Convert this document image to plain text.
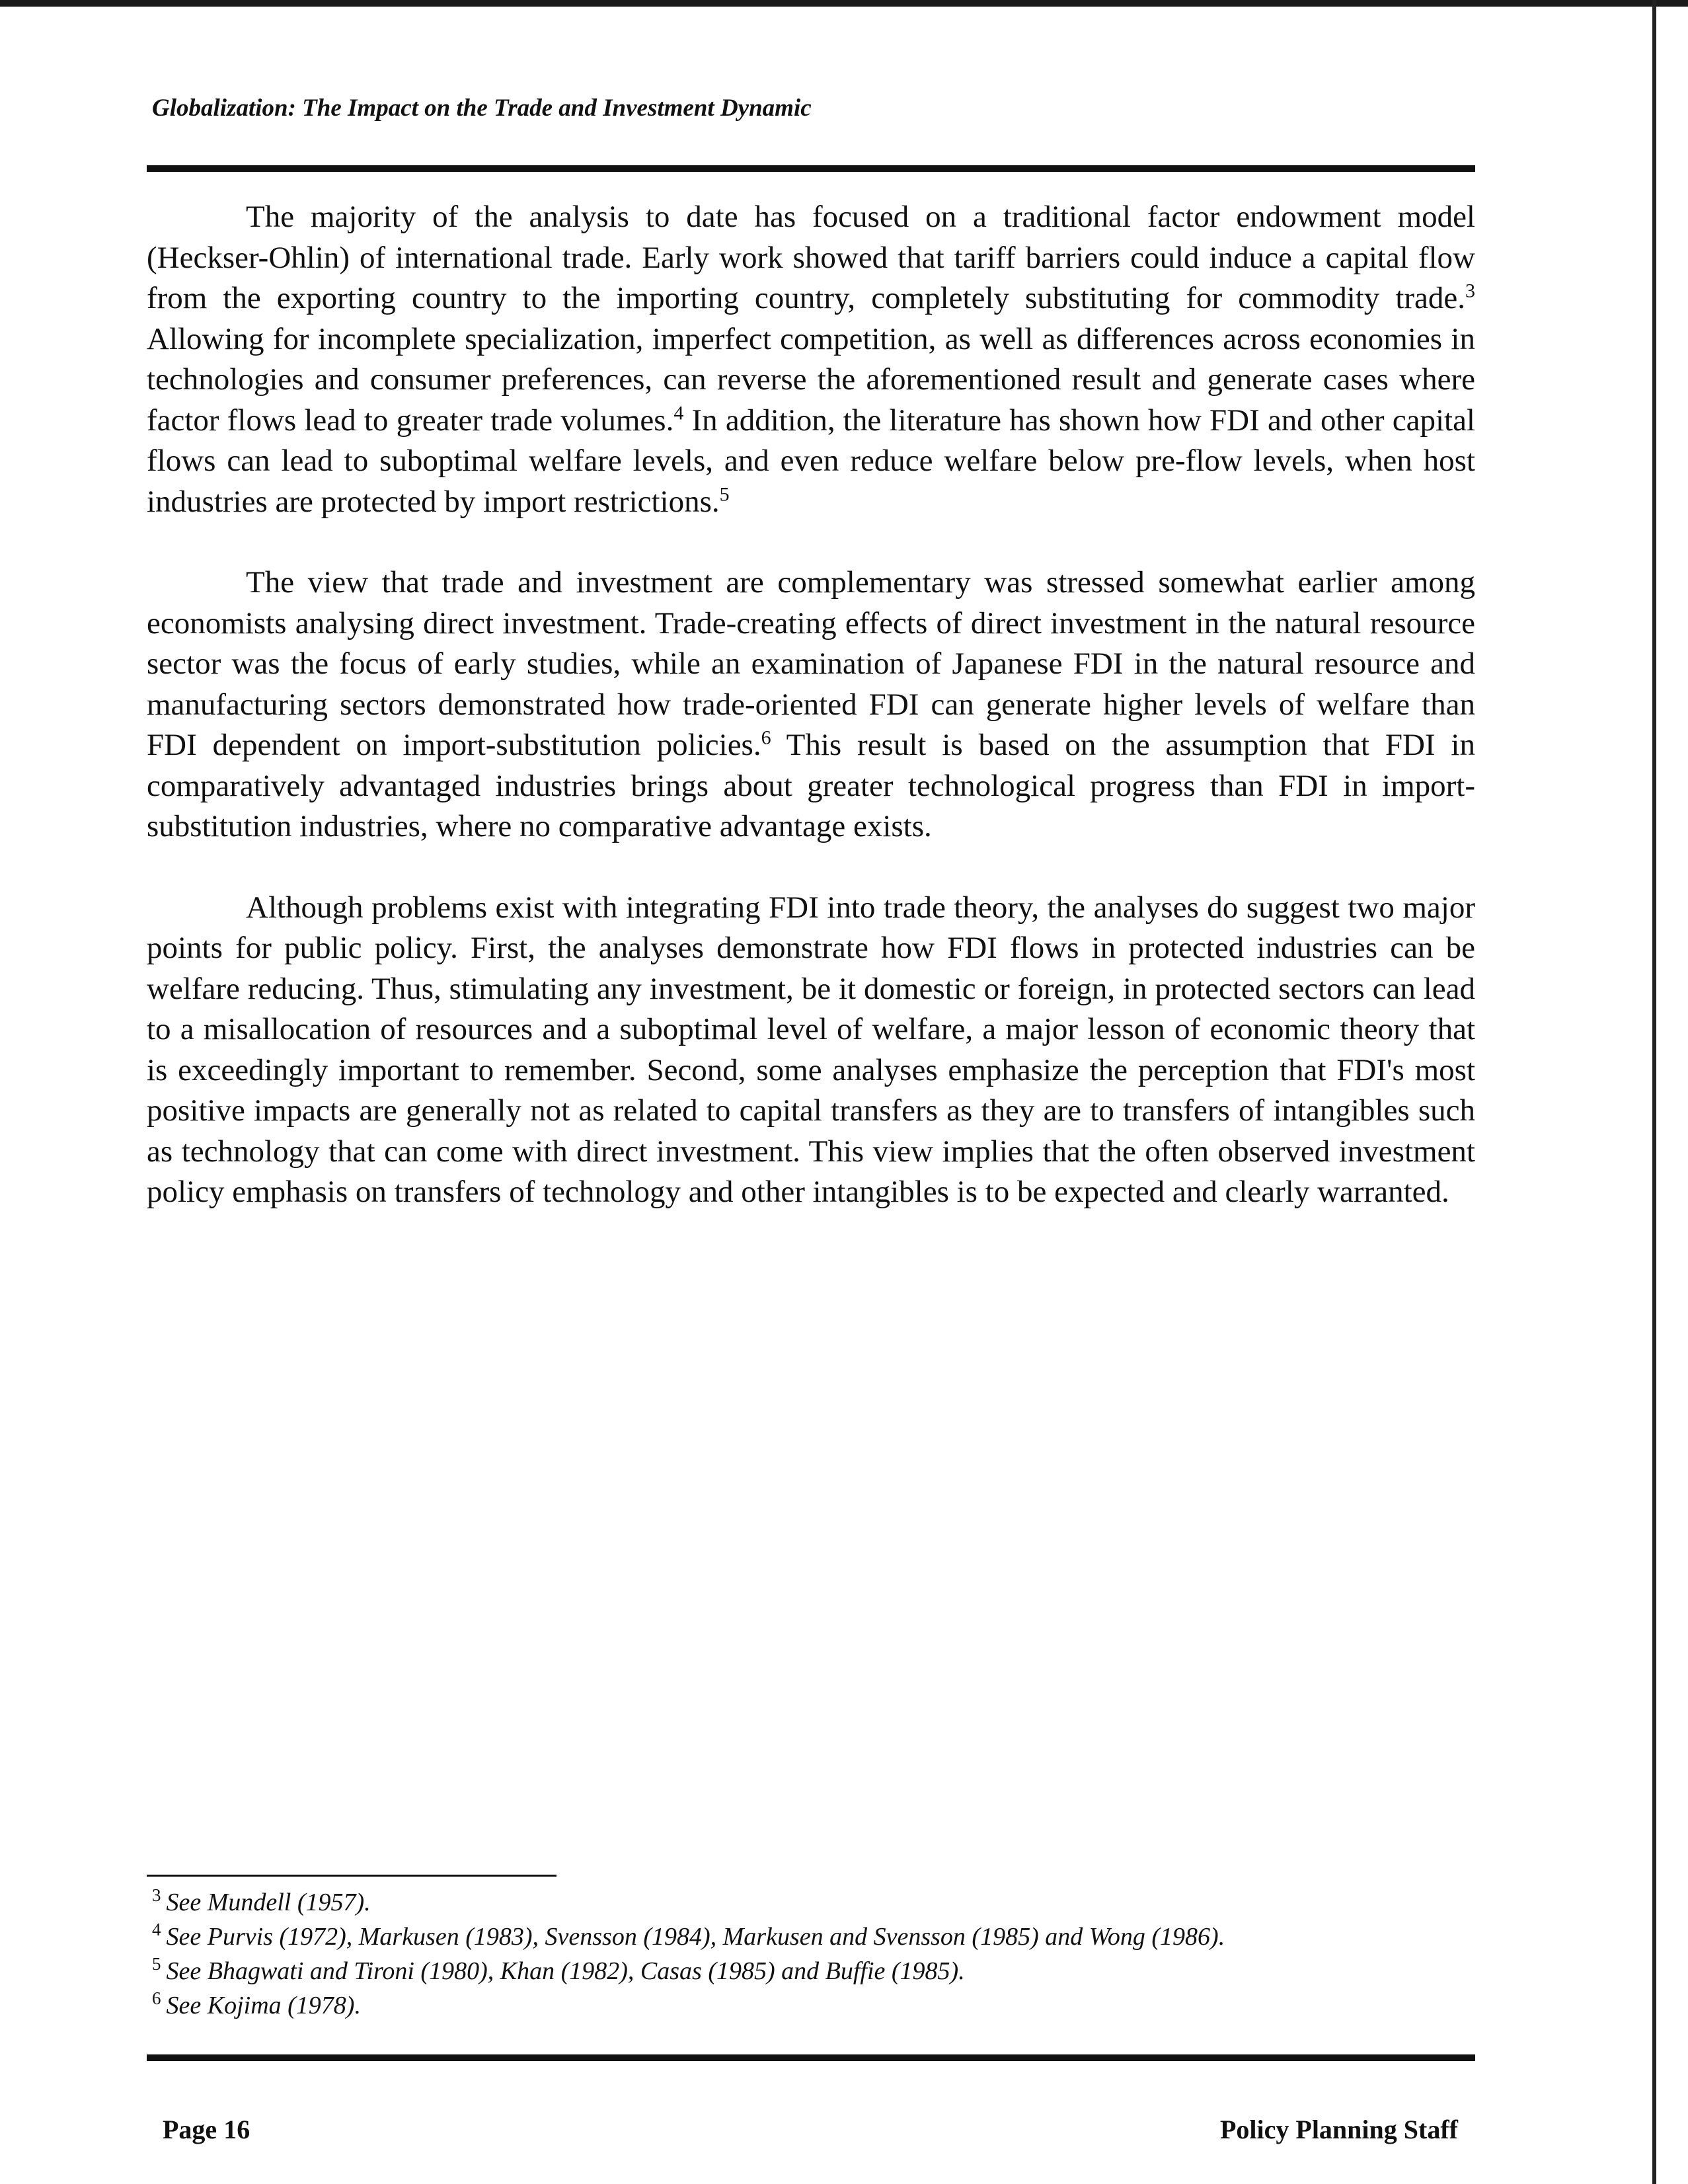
Globalization: The Impact on the Trade and Investment Dynamic

The majority of the analysis to date has focused on a traditional factor endowment model (Heckser-Ohlin) of international trade. Early work showed that tariff barriers could induce a capital flow from the exporting country to the importing country, completely substituting for commodity trade.$^3$ Allowing for incomplete specialization, imperfect competition, as well as differences across economies in technologies and consumer preferences, can reverse the aforementioned result and generate cases where factor flows lead to greater trade volumes.$^4$ In addition, the literature has shown how FDI and other capital flows can lead to suboptimal welfare levels, and even reduce welfare below pre-flow levels, when host industries are protected by import restrictions.$^5$

The view that trade and investment are complementary was stressed somewhat earlier among economists analysing direct investment. Trade-creating effects of direct investment in the natural resource sector was the focus of early studies, while an examination of Japanese FDI in the natural resource and manufacturing sectors demonstrated how trade-oriented FDI can generate higher levels of welfare than FDI dependent on import-substitution policies.$^6$ This result is based on the assumption that FDI in comparatively advantaged industries brings about greater technological progress than FDI in import-substitution industries, where no comparative advantage exists.

Although problems exist with integrating FDI into trade theory, the analyses do suggest two major points for public policy. First, the analyses demonstrate how FDI flows in protected industries can be welfare reducing. Thus, stimulating any investment, be it domestic or foreign, in protected sectors can lead to a misallocation of resources and a suboptimal level of welfare, a major lesson of economic theory that is exceedingly important to remember. Second, some analyses emphasize the perception that FDI's most positive impacts are generally not as related to capital transfers as they are to transfers of intangibles such as technology that can come with direct investment. This view implies that the often observed investment policy emphasis on transfers of technology and other intangibles is to be expected and clearly warranted.

$^3$ See Mundell (1957).
$^4$ See Purvis (1972), Markusen (1983), Svensson (1984), Markusen and Svensson (1985) and Wong (1986).
$^5$ See Bhagwati and Tironi (1980), Khan (1982), Casas (1985) and Buffie (1985).
$^6$ See Kojima (1978).
Page 16	Policy Planning Staff
